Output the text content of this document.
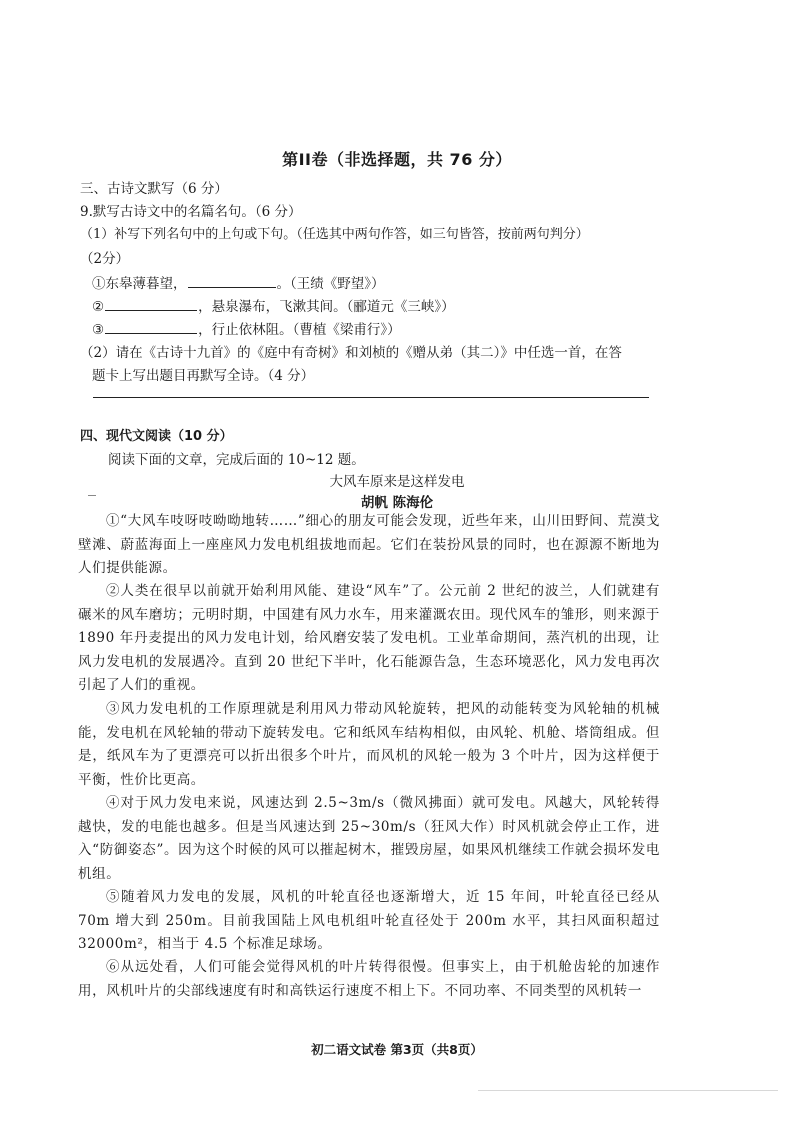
第II卷（非选择题，共 76 分）
三、古诗文默写（6 分）
9.默写古诗文中的名篇名句。（6 分）
（1）补写下列名句中的上句或下句。（任选其中两句作答，如三句皆答，按前两句判分）
（2分）
①东皋薄暮望，	。（王绩《野望》）
②	，悬泉瀑布，飞漱其间。（郦道元《三峡》）
③	，行止依林阻。（曹植《梁甫行》）
（2）请在《古诗十九首》的《庭中有奇树》和刘桢的《赠从弟（其二）》中任选一首，在答
题卡上写出题目再默写全诗。（4 分）
四、现代文阅读（10 分）
阅读下面的文章，完成后面的 10~12 题。
大风车原来是这样发电
胡帆 陈海伦
①“大风车吱呀吱呦呦地转……”细心的朋友可能会发现，近些年来，山川田野间、荒漠戈壁滩、蔚蓝海面上一座座风力发电机组拔地而起。它们在装扮风景的同时，也在源源不断地为人们提供能源。
②人类在很早以前就开始利用风能、建设“风车”了。公元前 2 世纪的波兰，人们就建有碾米的风车磨坊；元明时期，中国建有风力水车，用来灌溉农田。现代风车的雏形，则来源于 1890 年丹麦提出的风力发电计划，给风磨安装了发电机。工业革命期间，蒸汽机的出现，让风力发电机的发展遇冷。直到 20 世纪下半叶，化石能源告急，生态环境恶化，风力发电再次引起了人们的重视。
③风力发电机的工作原理就是利用风力带动风轮旋转，把风的动能转变为风轮轴的机械能，发电机在风轮轴的带动下旋转发电。它和纸风车结构相似，由风轮、机舱、塔筒组成。但是，纸风车为了更漂亮可以折出很多个叶片，而风机的风轮一般为 3 个叶片，因为这样便于平衡，性价比更高。
④对于风力发电来说，风速达到 2.5~3m/s（微风拂面）就可发电。风越大，风轮转得越快，发的电能也越多。但是当风速达到 25~30m/s（狂风大作）时风机就会停止工作，进入“防御姿态”。因为这个时候的风可以摧起树木，摧毁房屋，如果风机继续工作就会损坏发电机组。
⑤随着风力发电的发展，风机的叶轮直径也逐渐增大，近 15 年间，叶轮直径已经从 70m 增大到 250m。目前我国陆上风电机组叶轮直径处于 200m 水平，其扫风面积超过 32000m²，相当于 4.5 个标准足球场。
⑥从远处看，人们可能会觉得风机的叶片转得很慢。但事实上，由于机舱齿轮的加速作用，风机叶片的尖部线速度有时和高铁运行速度不相上下。不同功率、不同类型的风机转一
初二语文试卷 第3页（共8页）
